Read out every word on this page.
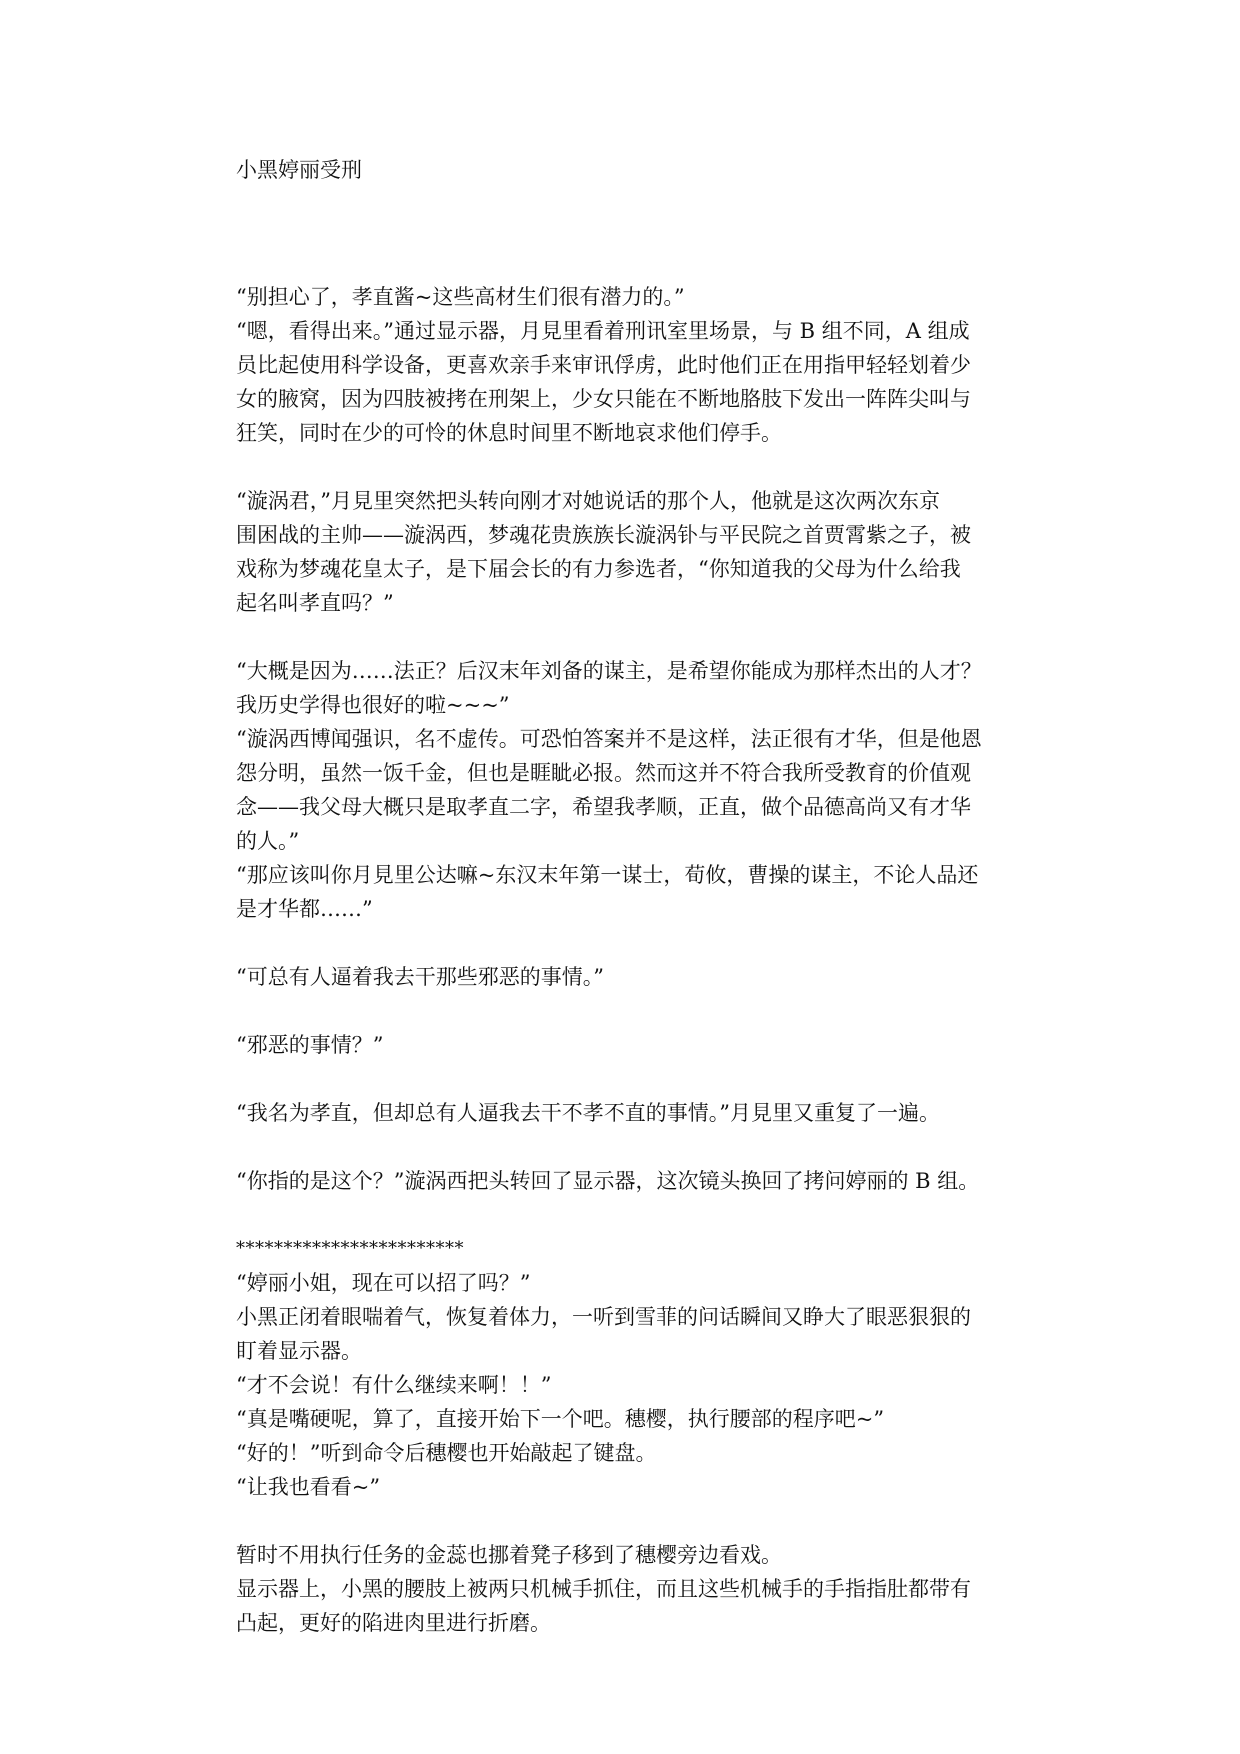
小黑婷丽受刑
“别担心了，孝直酱~这些高材生们很有潜力的。”
“嗯，看得出来。”通过显示器，月見里看着刑讯室里场景，与 B 组不同，A 组成
员比起使用科学设备，更喜欢亲手来审讯俘虏，此时他们正在用指甲轻轻划着少
女的腋窝，因为四肢被拷在刑架上，少女只能在不断地胳肢下发出一阵阵尖叫与
狂笑，同时在少的可怜的休息时间里不断地哀求他们停手。
“漩涡君，”月見里突然把头转向刚才对她说话的那个人，他就是这次两次东京
围困战的主帅——漩涡西，梦魂花贵族族长漩涡钋与平民院之首贾霄紫之子，被
戏称为梦魂花皇太子，是下届会长的有力参选者，“你知道我的父母为什么给我
起名叫孝直吗？”
“大概是因为……法正？后汉末年刘备的谋主，是希望你能成为那样杰出的人才？
我历史学得也很好的啦~~~”
“漩涡西博闻强识，名不虚传。可恐怕答案并不是这样，法正很有才华，但是他恩
怨分明，虽然一饭千金，但也是睚眦必报。然而这并不符合我所受教育的价值观
念——我父母大概只是取孝直二字，希望我孝顺，正直，做个品德高尚又有才华
的人。”
“那应该叫你月見里公达嘛~东汉末年第一谋士，荀攸，曹操的谋主，不论人品还
是才华都……”
“可总有人逼着我去干那些邪恶的事情。”
“邪恶的事情？”
“我名为孝直，但却总有人逼我去干不孝不直的事情。”月見里又重复了一遍。
“你指的是这个？”漩涡西把头转回了显示器，这次镜头换回了拷问婷丽的 B 组。
************************
“婷丽小姐，现在可以招了吗？”
小黑正闭着眼喘着气，恢复着体力，一听到雪菲的问话瞬间又睁大了眼恶狠狠的
盯着显示器。
“才不会说！有什么继续来啊！！”
“真是嘴硬呢，算了，直接开始下一个吧。穗樱，执行腰部的程序吧~”
“好的！”听到命令后穗樱也开始敲起了键盘。
“让我也看看~”
暂时不用执行任务的金蕊也挪着凳子移到了穗樱旁边看戏。
显示器上，小黑的腰肢上被两只机械手抓住，而且这些机械手的手指指肚都带有
凸起，更好的陷进肉里进行折磨。
